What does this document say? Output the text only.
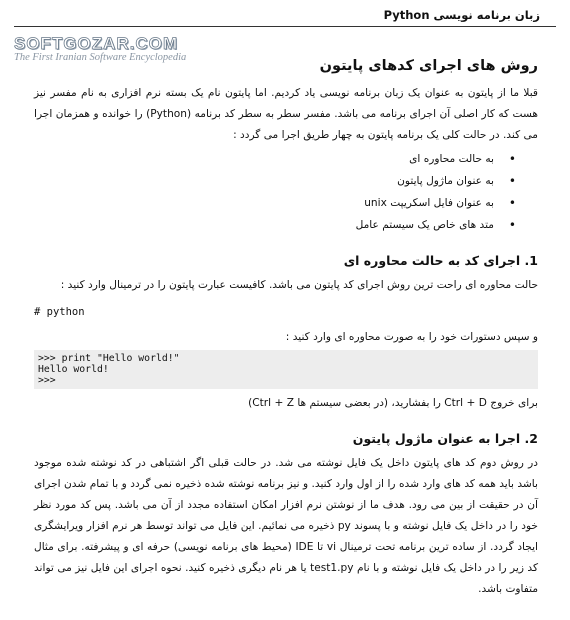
زبان برنامه نویسی Python
SOFTGOZAR.COM
The First Iranian Software Encyclopedia
روش های اجرای کدهای پایتون

قبلا ما از پایتون به عنوان یک زبان برنامه نویسی یاد کردیم. اما پایتون نام یک بسته نرم افزاری به نام مفسر نیز هست که کار اصلی آن اجرای برنامه می باشد. مفسر سطر به سطر کد برنامه (Python) را خوانده و همزمان اجرا می کند. در حالت کلی یک برنامه پایتون به چهار طریق اجرا می گردد :

• به حالت محاوره ای
• به عنوان ماژول پایتون
• به عنوان فایل اسکریپت unix
• متد های خاص یک سیستم عامل
1. اجرای کد به حالت محاوره ای

حالت محاوره ای راحت ترین روش اجرای کد پایتون می باشد. کافیست عبارت پایتون را در ترمینال وارد کنید :

# python

و سپس دستورات خود را به صورت محاوره ای وارد کنید :

>>> print "Hello world!"
Hello world!
>>>

برای خروج Ctrl + D را بفشارید، (در بعضی سیستم ها Ctrl + Z)

2. اجرا به عنوان ماژول پایتون

در روش دوم کد های پایتون داخل یک فایل نوشته می شد. در حالت قبلی اگر اشتباهی در کد نوشته شده موجود باشد باید همه کد های وارد شده را از اول وارد کنید. و نیز برنامه نوشته شده ذخیره نمی گردد و با تمام شدن اجرای آن در حقیقت از بین می رود. هدف ما از نوشتن نرم افزار امکان استفاده مجدد از آن می باشد. پس کد مورد نظر خود را در داخل یک فایل نوشته و با پسوند py ذخیره می نمائیم. این فایل می تواند توسط هر نرم افزار ویرایشگری ایجاد گردد. از ساده ترین برنامه تحت ترمینال vi تا IDE (محیط های برنامه نویسی) حرفه ای و پیشرفته. برای مثال کد زیر را در داخل یک فایل نوشته و با نام test1.py یا هر نام دیگری ذخیره کنید. نحوه اجرای این فایل نیز می تواند متفاوت باشد.
